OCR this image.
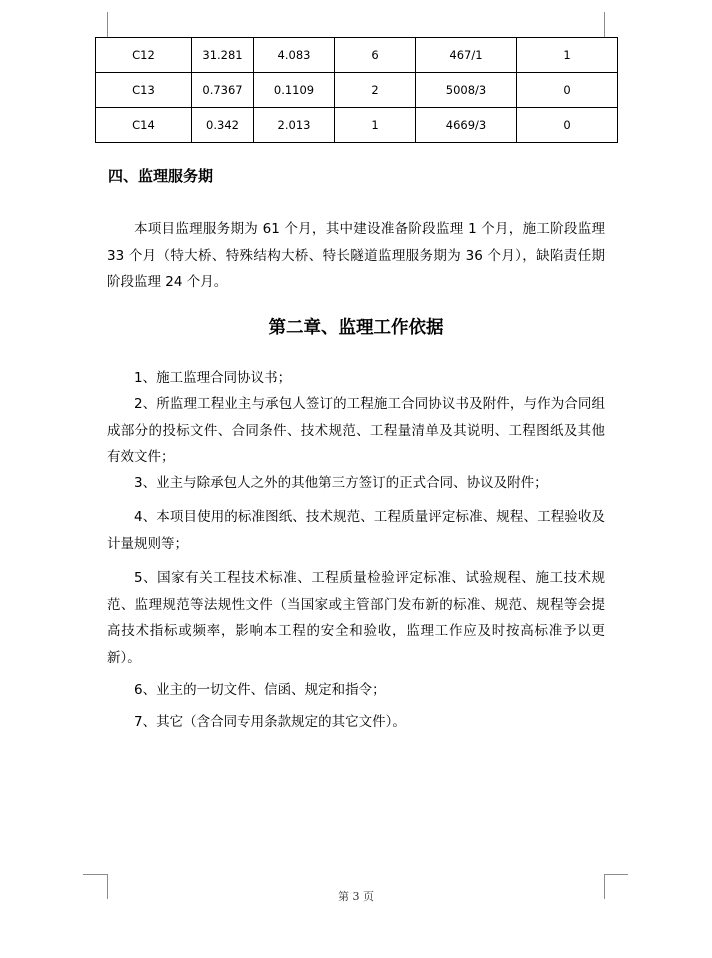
C12	31.281	4.083	6	467/1	1
C13	0.7367	0.1109	2	5008/3	0
C14	0.342	2.013	1	4669/3	0
四、监理服务期
本项目监理服务期为 61 个月，其中建设准备阶段监理 1 个月，施工阶段监理 33 个月（特大桥、特殊结构大桥、特长隧道监理服务期为 36 个月），缺陷责任期阶段监理 24 个月。
第二章、监理工作依据
1、施工监理合同协议书；
2、所监理工程业主与承包人签订的工程施工合同协议书及附件，与作为合同组成部分的投标文件、合同条件、技术规范、工程量清单及其说明、工程图纸及其他有效文件；
3、业主与除承包人之外的其他第三方签订的正式合同、协议及附件；
4、本项目使用的标准图纸、技术规范、工程质量评定标准、规程、工程验收及计量规则等；
5、国家有关工程技术标准、工程质量检验评定标准、试验规程、施工技术规范、监理规范等法规性文件（当国家或主管部门发布新的标准、规范、规程等会提高技术指标或频率，影响本工程的安全和验收，监理工作应及时按高标准予以更新）。
6、业主的一切文件、信函、规定和指令；
7、其它（含合同专用条款规定的其它文件）。
第 3 页
